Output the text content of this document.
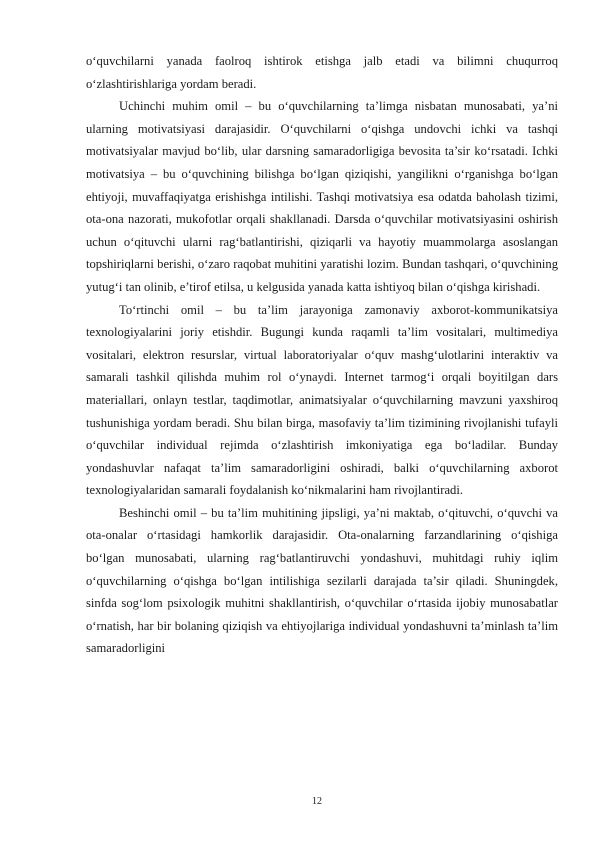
o‘quvchilarni yanada faolroq ishtirok etishga jalb etadi va bilimni chuqurroq o‘zlashtirishlariga yordam beradi.

Uchinchi muhim omil – bu o‘quvchilarning ta’limga nisbatan munosabati, ya’ni ularning motivatsiyasi darajasidir. O‘quvchilarni o‘qishga undovchi ichki va tashqi motivatsiyalar mavjud bo‘lib, ular darsning samaradorligiga bevosita ta’sir ko‘rsatadi. Ichki motivatsiya – bu o‘quvchining bilishga bo‘lgan qiziqishi, yangilikni o‘rganishga bo‘lgan ehtiyoji, muvaffaqiyatga erishishga intilishi. Tashqi motivatsiya esa odatda baholash tizimi, ota-ona nazorati, mukofotlar orqali shakllanadi. Darsda o‘quvchilar motivatsiyasini oshirish uchun o‘qituvchi ularni rag‘batlantirishi, qiziqarli va hayotiy muammolarga asoslangan topshiriqlarni berishi, o‘zaro raqobat muhitini yaratishi lozim. Bundan tashqari, o‘quvchining yutug‘i tan olinib, e’tirof etilsa, u kelgusida yanada katta ishtiyoq bilan o‘qishga kirishadi.

To‘rtinchi omil – bu ta’lim jarayoniga zamonaviy axborot-kommunikatsiya texnologiyalarini joriy etishdir. Bugungi kunda raqamli ta’lim vositalari, multimediya vositalari, elektron resurslar, virtual laboratoriyalar o‘quv mashg‘ulotlarini interaktiv va samarali tashkil qilishda muhim rol o‘ynaydi. Internet tarmog‘i orqali boyitilgan dars materiallari, onlayn testlar, taqdimotlar, animatsiyalar o‘quvchilarning mavzuni yaxshiroq tushunishiga yordam beradi. Shu bilan birga, masofaviy ta’lim tizimining rivojlanishi tufayli o‘quvchilar individual rejimda o‘zlashtirish imkoniyatiga ega bo‘ladilar. Bunday yondashuvlar nafaqat ta’lim samaradorligini oshiradi, balki o‘quvchilarning axborot texnologiyalaridan samarali foydalanish ko‘nikmalarini ham rivojlantiradi.

Beshinchi omil – bu ta’lim muhitining jipsligi, ya’ni maktab, o‘qituvchi, o‘quvchi va ota-onalar o‘rtasidagi hamkorlik darajasidir. Ota-onalarning farzandlarining o‘qishiga bo‘lgan munosabati, ularning rag‘batlantiruvchi yondashuvi, muhitdagi ruhiy iqlim o‘quvchilarning o‘qishga bo‘lgan intilishiga sezilarli darajada ta’sir qiladi. Shuningdek, sinfda sog‘lom psixologik muhitni shakllantirish, o‘quvchilar o‘rtasida ijobiy munosabatlar o‘rnatish, har bir bolaning qiziqish va ehtiyojlariga individual yondashuvni ta’minlash ta’lim samaradorligini

12
